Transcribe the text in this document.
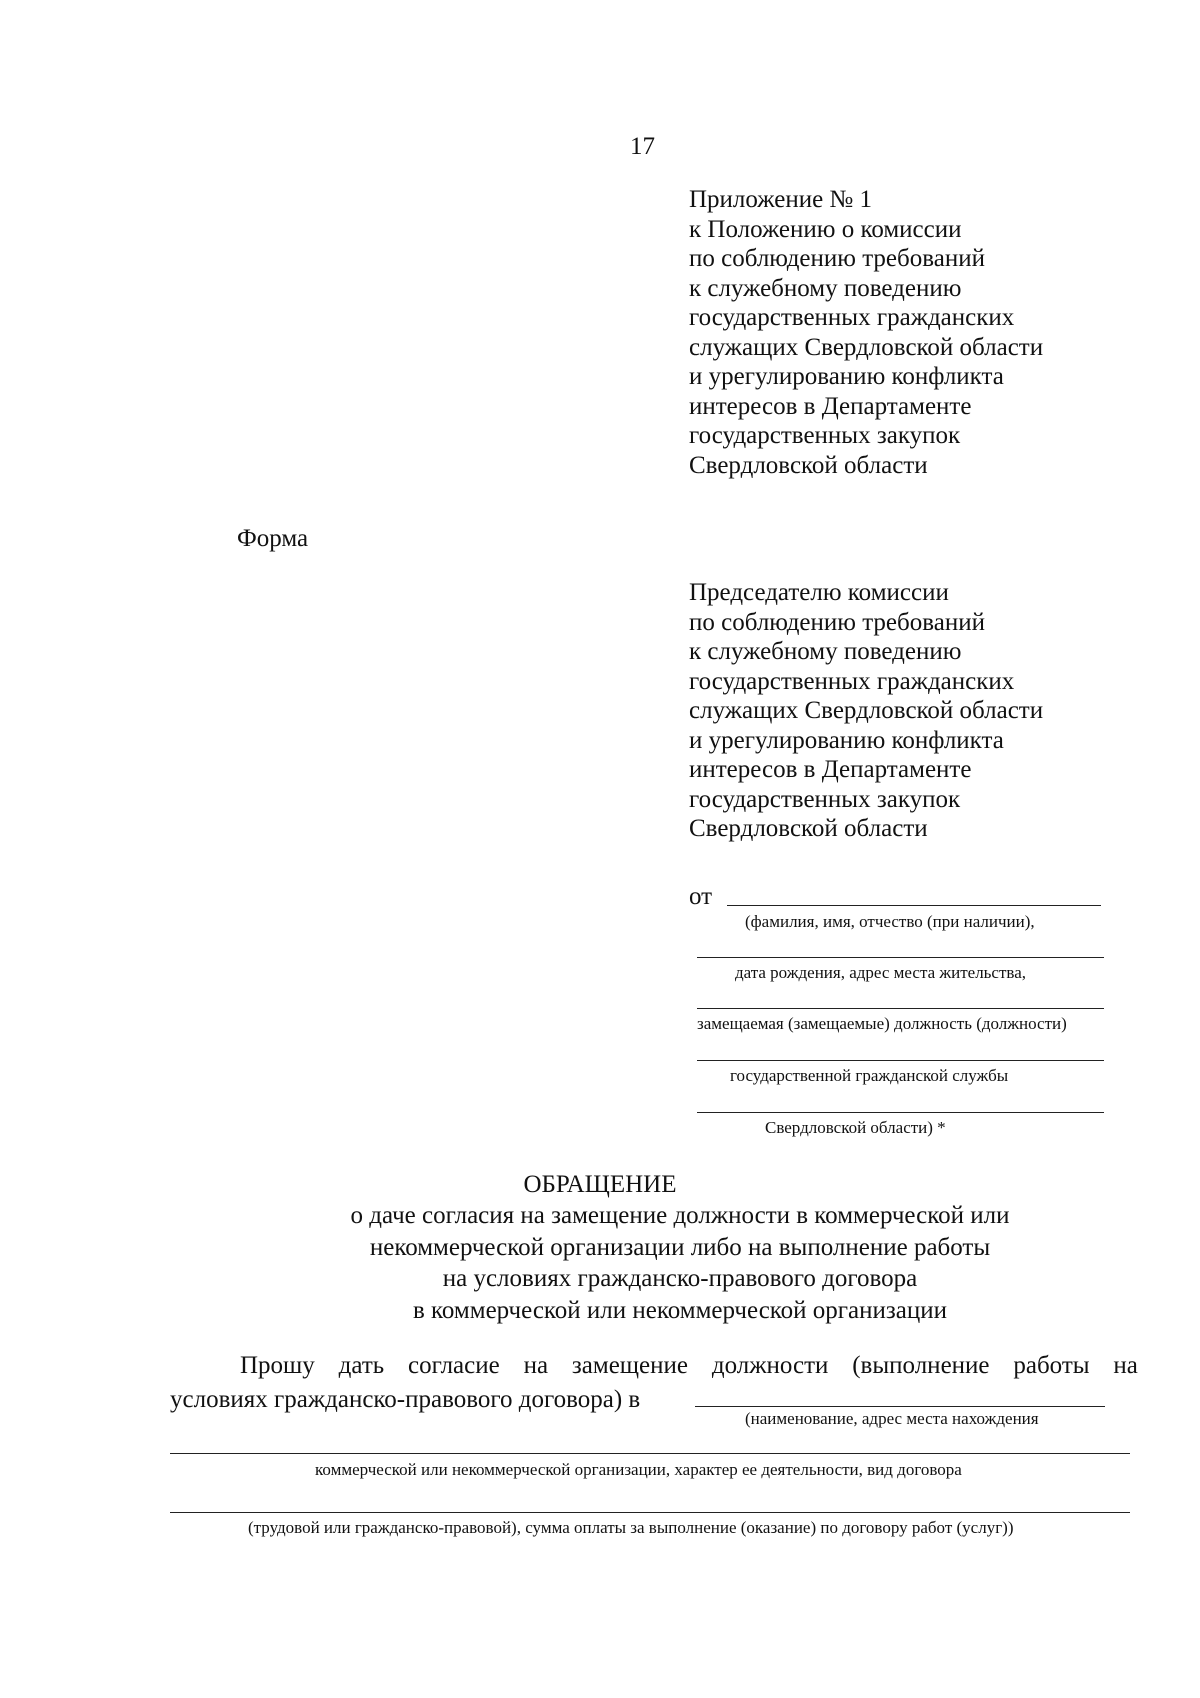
17
Приложение № 1
к Положению о комиссии
по соблюдению требований
к служебному поведению
государственных гражданских
служащих Свердловской области
и урегулированию конфликта
интересов в Департаменте
государственных закупок
Свердловской области
Форма
Председателю комиссии
по соблюдению требований
к служебному поведению
государственных гражданских
служащих Свердловской области
и урегулированию конфликта
интересов в Департаменте
государственных закупок
Свердловской области
от
(фамилия, имя, отчество (при наличии),
дата рождения, адрес места жительства,
замещаемая (замещаемые) должность (должности)
государственной гражданской службы
Свердловской области) *
ОБРАЩЕНИЕ
о даче согласия на замещение должности в коммерческой или
некоммерческой организации либо на выполнение работы
на условиях гражданско-правового договора
в коммерческой или некоммерческой организации
Прошу дать согласие на замещение должности (выполнение работы на
условиях гражданско-правового договора) в
(наименование, адрес места нахождения
коммерческой или некоммерческой организации, характер ее деятельности, вид договора
(трудовой или гражданско-правовой), сумма оплаты за выполнение (оказание) по договору работ (услуг))
